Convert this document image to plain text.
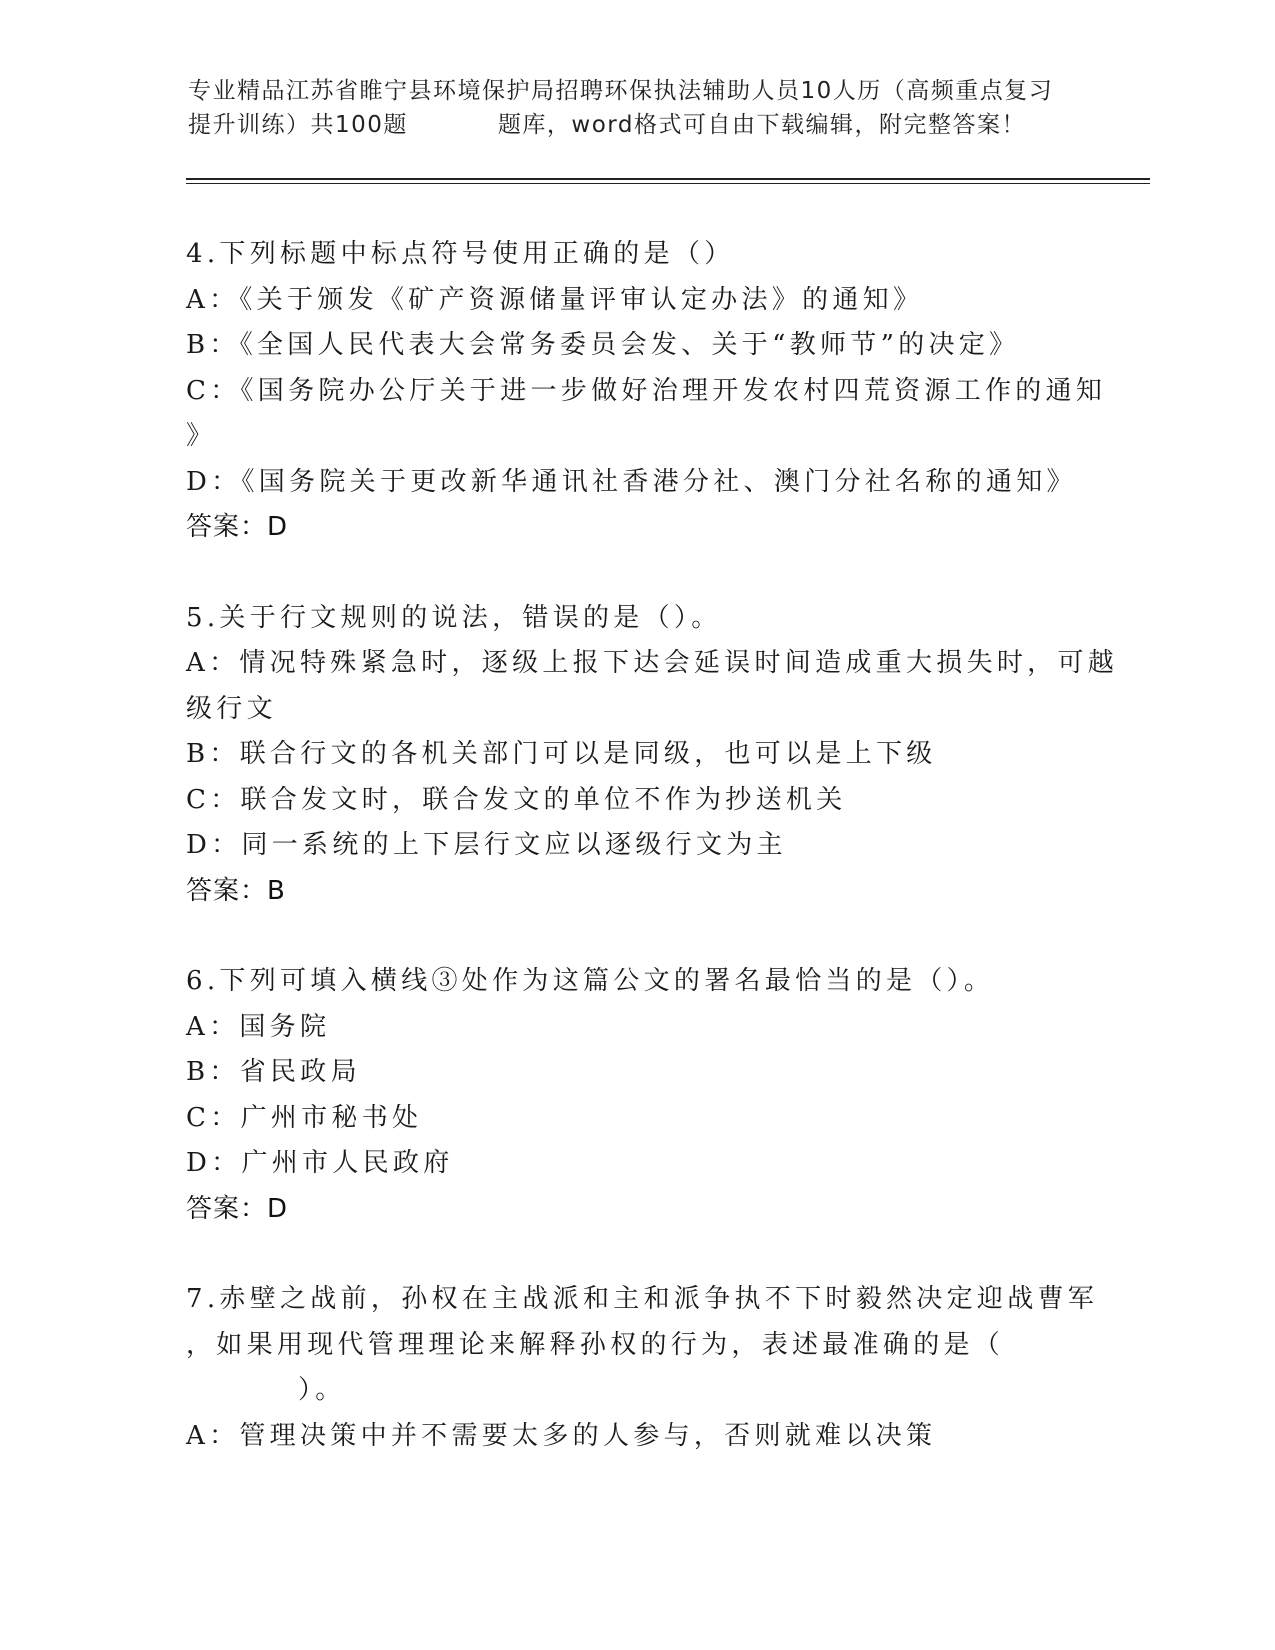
专业精品江苏省睢宁县环境保护局招聘环保执法辅助人员10人历（高频重点复习
提升训练）共100题	题库，word格式可自由下载编辑，附完整答案！
4.下列标题中标点符号使用正确的是（）
A：《关于颁发《矿产资源储量评审认定办法》的通知》
B：《全国人民代表大会常务委员会发、关于“教师节”的决定》
C：《国务院办公厅关于进一步做好治理开发农村四荒资源工作的通知
》
D：《国务院关于更改新华通讯社香港分社、澳门分社名称的通知》
答案：D
5.关于行文规则的说法，错误的是（）。
A：情况特殊紧急时，逐级上报下达会延误时间造成重大损失时，可越
级行文
B：联合行文的各机关部门可以是同级，也可以是上下级
C：联合发文时，联合发文的单位不作为抄送机关
D：同一系统的上下层行文应以逐级行文为主
答案：B
6.下列可填入横线③处作为这篇公文的署名最恰当的是（）。
A：国务院
B：省民政局
C：广州市秘书处
D：广州市人民政府
答案：D
7.赤壁之战前，孙权在主战派和主和派争执不下时毅然决定迎战曹军
，如果用现代管理理论来解释孙权的行为，表述最准确的是（
）。
A：管理决策中并不需要太多的人参与，否则就难以决策
